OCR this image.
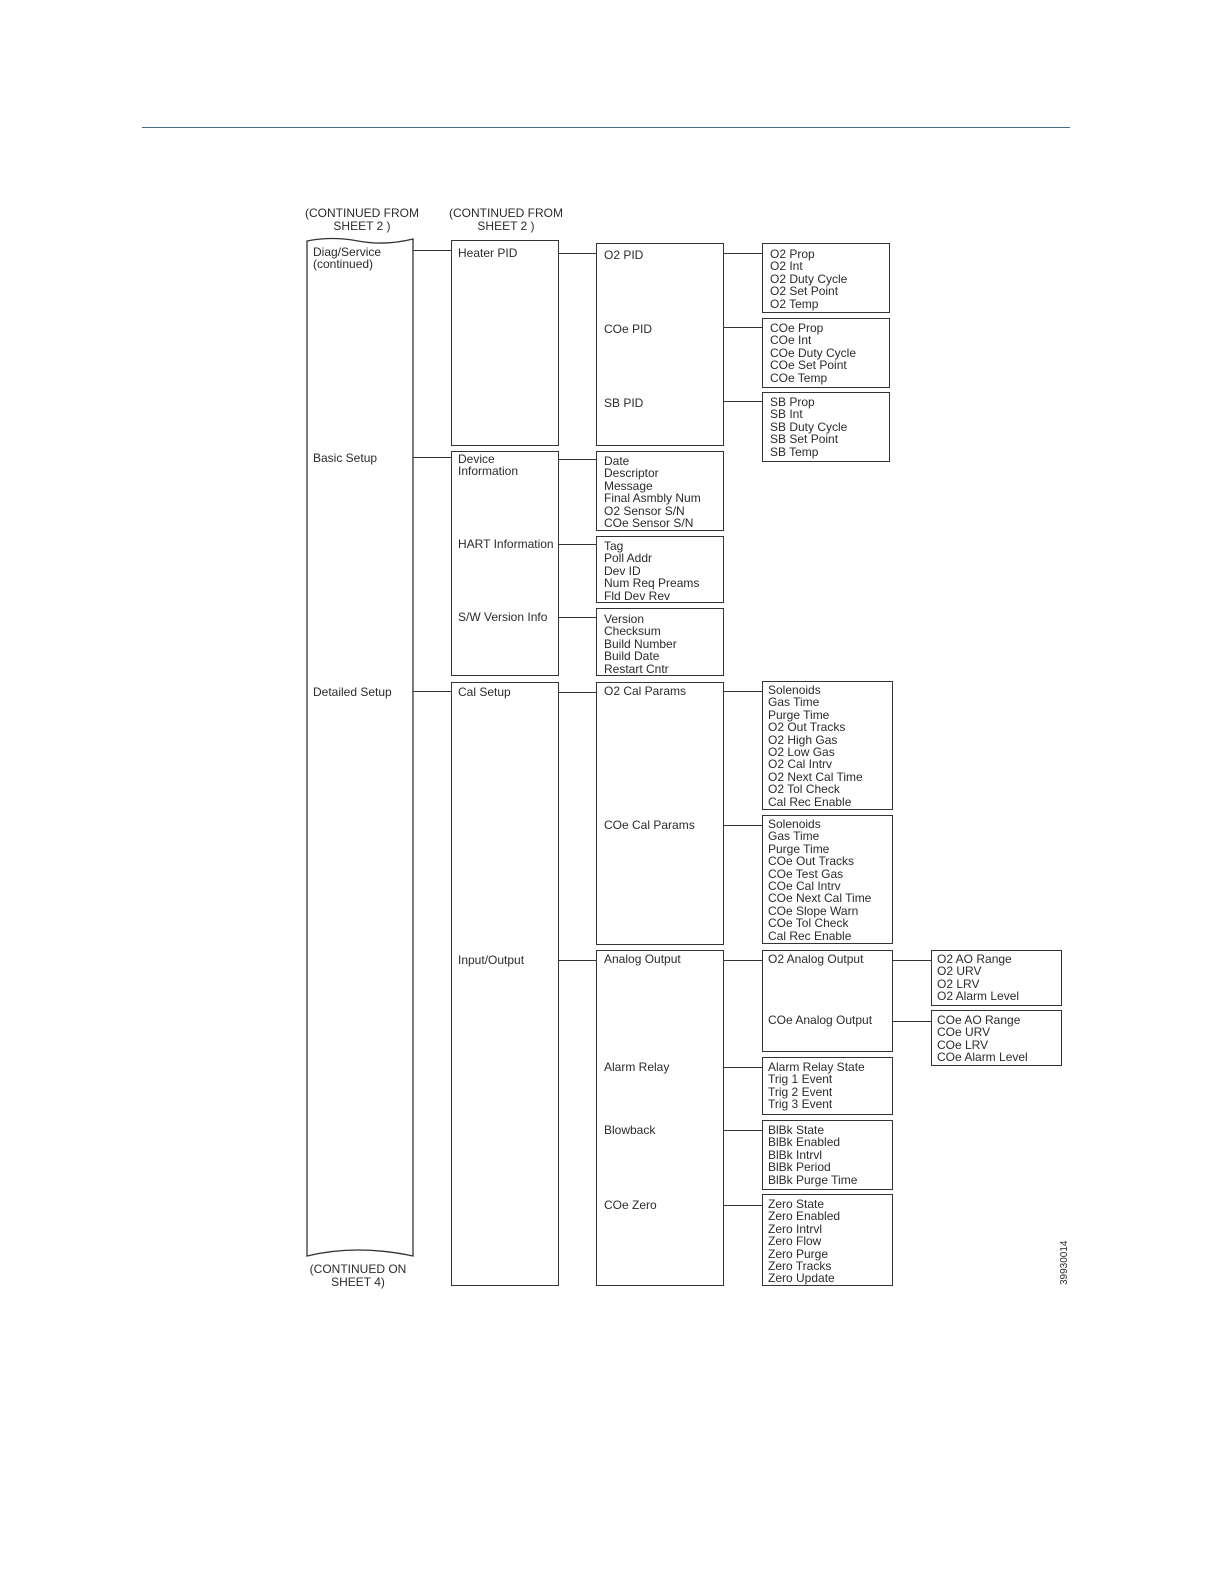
(CONTINUED FROM
SHEET 2 )
(CONTINUED FROM
SHEET 2 )
Diag/Service
(continued)
Basic Setup
Detailed Setup
(CONTINUED ON
SHEET 4)
Heater PID
Device
Information
HART Information
S/W Version Info
Cal Setup
Input/Output
O2 PID
COe PID
SB PID
Date
Descriptor
Message
Final Asmbly Num
O2 Sensor S/N
COe Sensor S/N
Tag
Poll Addr
Dev ID
Num Req Preams
Fld Dev Rev
Version
Checksum
Build Number
Build Date
Restart Cntr
O2 Cal Params
COe Cal Params
Analog Output
Alarm Relay
Blowback
COe Zero
O2 Prop
O2 Int
O2 Duty Cycle
O2 Set Point
O2 Temp
COe Prop
COe Int
COe Duty Cycle
COe Set Point
COe Temp
SB Prop
SB Int
SB Duty Cycle
SB Set Point
SB Temp
Solenoids
Gas Time
Purge Time
O2 Out Tracks
O2 High Gas
O2 Low Gas
O2 Cal Intrv
O2 Next Cal Time
O2 Tol Check
Cal Rec Enable
Solenoids
Gas Time
Purge Time
COe Out Tracks
COe Test Gas
COe Cal Intrv
COe Next Cal Time
COe Slope Warn
COe Tol Check
Cal Rec Enable
O2 Analog Output
COe Analog Output
Alarm Relay State
Trig 1 Event
Trig 2 Event
Trig 3 Event
BlBk State
BlBk Enabled
BlBk Intrvl
BlBk Period
BlBk Purge Time
Zero State
Zero Enabled
Zero Intrvl
Zero Flow
Zero Purge
Zero Tracks
Zero Update
O2 AO Range
O2 URV
O2 LRV
O2 Alarm Level
COe AO Range
COe URV
COe LRV
COe Alarm Level
39930014
